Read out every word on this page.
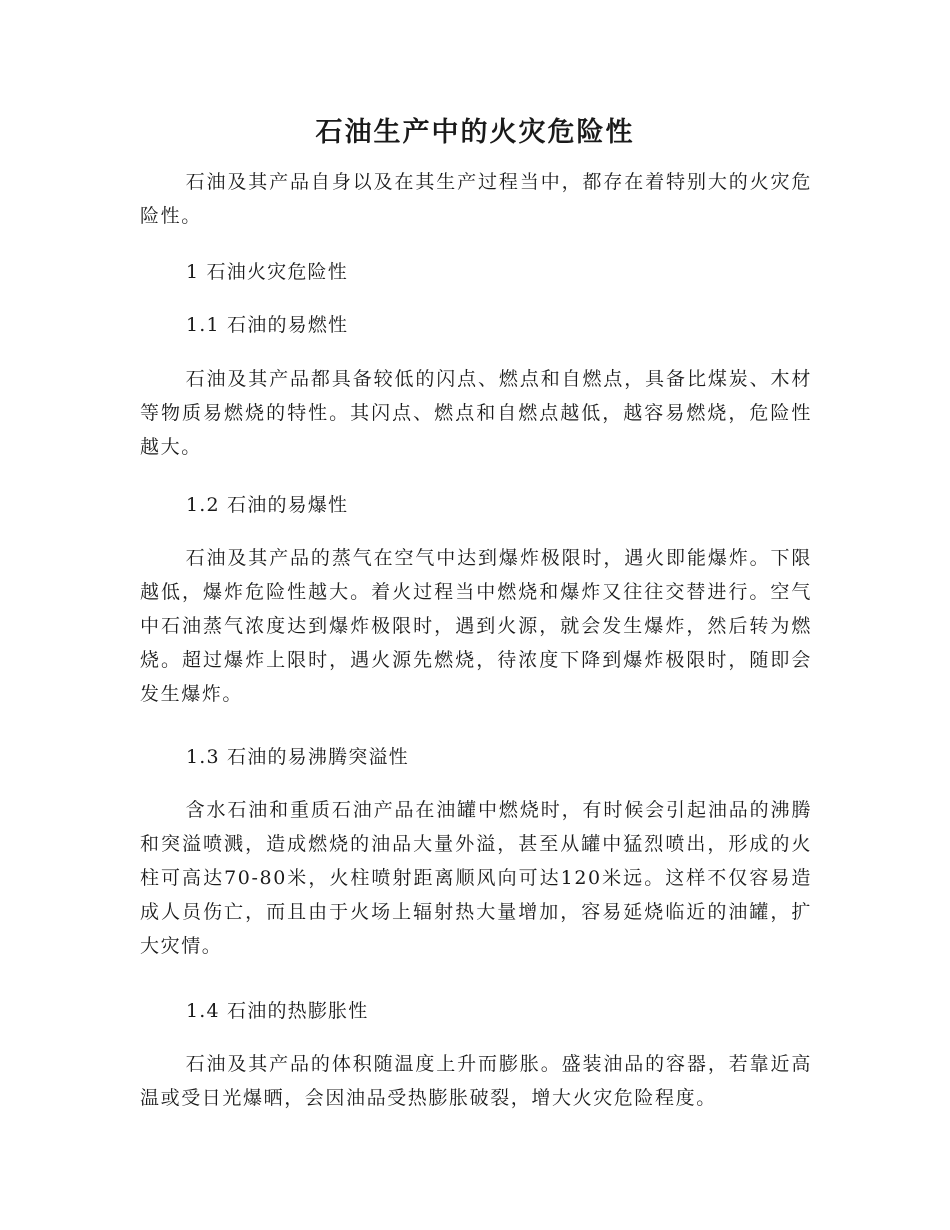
石油生产中的火灾危险性

石油及其产品自身以及在其生产过程当中，都存在着特别大的火灾危险性。

1 石油火灾危险性

1.1 石油的易燃性

石油及其产品都具备较低的闪点、燃点和自燃点，具备比煤炭、木材等物质易燃烧的特性。其闪点、燃点和自燃点越低，越容易燃烧，危险性越大。

1.2 石油的易爆性

石油及其产品的蒸气在空气中达到爆炸极限时，遇火即能爆炸。下限越低，爆炸危险性越大。着火过程当中燃烧和爆炸又往往交替进行。空气中石油蒸气浓度达到爆炸极限时，遇到火源，就会发生爆炸，然后转为燃烧。超过爆炸上限时，遇火源先燃烧，待浓度下降到爆炸极限时，随即会发生爆炸。

1.3 石油的易沸腾突溢性

含水石油和重质石油产品在油罐中燃烧时，有时候会引起油品的沸腾和突溢喷溅，造成燃烧的油品大量外溢，甚至从罐中猛烈喷出，形成的火柱可高达70-80米，火柱喷射距离顺风向可达120米远。这样不仅容易造成人员伤亡，而且由于火场上辐射热大量增加，容易延烧临近的油罐，扩大灾情。

1.4 石油的热膨胀性

石油及其产品的体积随温度上升而膨胀。盛装油品的容器，若靠近高温或受日光爆晒，会因油品受热膨胀破裂，增大火灾危险程度。
